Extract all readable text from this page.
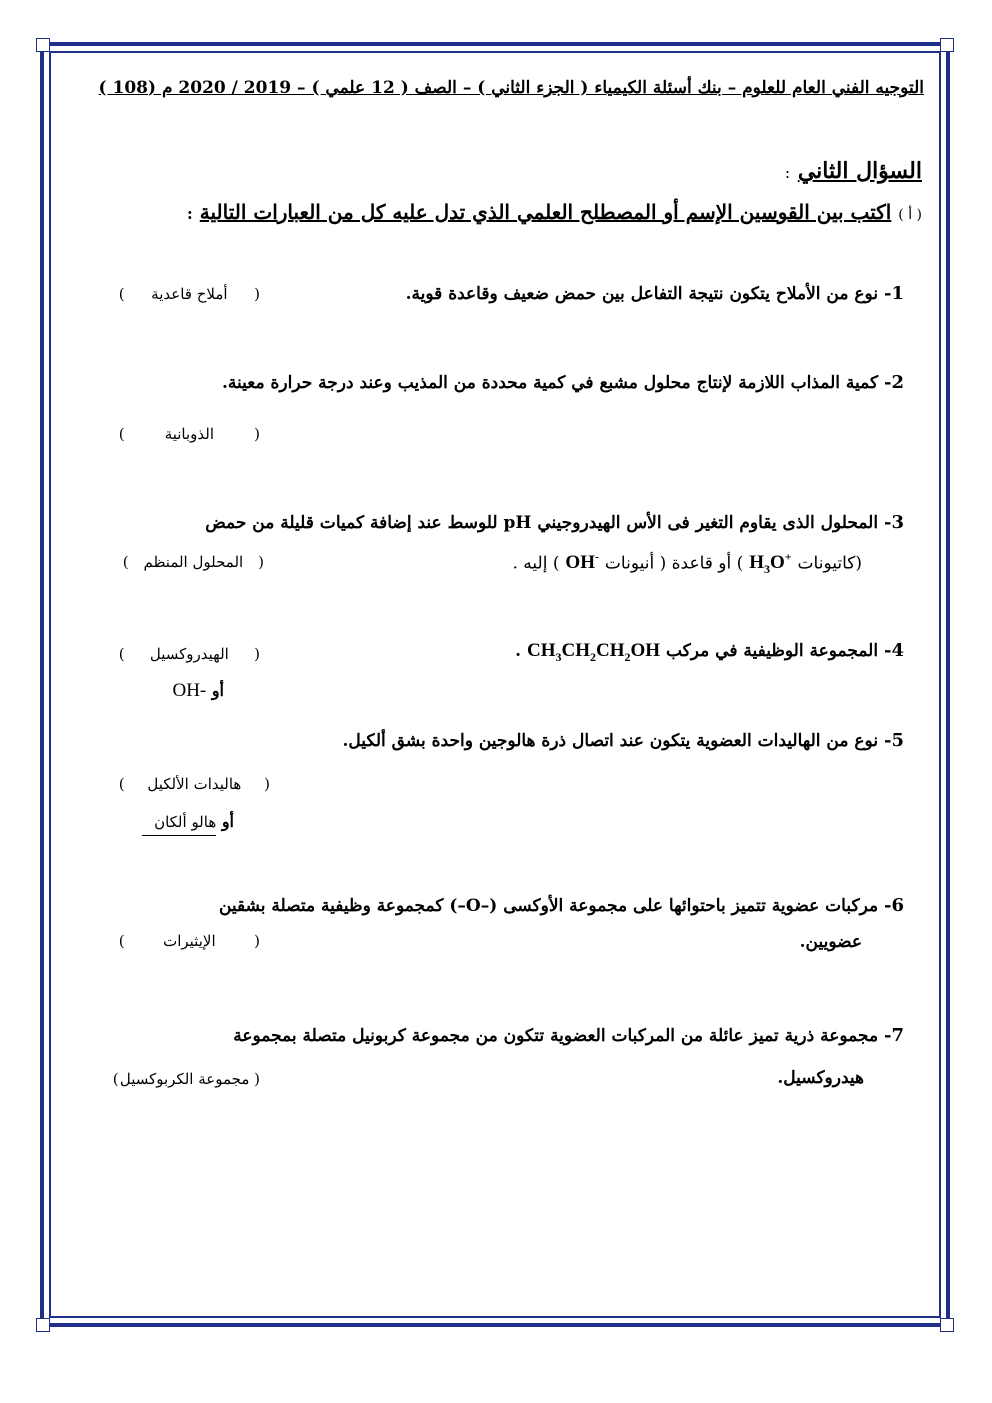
التوجيه الفني العام للعلوم – بنك أسئلة الكيمياء ( الجزء الثاني ) – الصف ( 12 علمي ) – 2019 / 2020 م (108 )
السؤال الثاني :
( أ ) اكتب بين القوسين الإسم أو المصطلح العلمي الذي تدل عليه كل من العبارات التالية :
1- نوع من الأملاح يتكون نتيجة التفاعل بين حمض ضعيف وقاعدة قوية.
( أملاح قاعدية )
2- كمية المذاب اللازمة لإنتاج محلول مشبع في كمية محددة من المذيب وعند درجة حرارة معينة.
( الذوبانية )
3- المحلول الذى يقاوم التغير فى الأس الهيدروجيني pH للوسط عند إضافة كميات قليلة من حمض
(كاتيونات $H_3O^+$ ) أو قاعدة ( أنيونات OH- ) إليه .
( المحلول المنظم )
4- المجموعة الوظيفية في مركب $CH_3CH_2CH_2OH$ .
( الهيدروكسيل )
أو OH-
5- نوع من الهاليدات العضوية يتكون عند اتصال ذرة هالوجين واحدة بشق ألكيل.
( هاليدات الألكيل )
أو هالو ألكان
6- مركبات عضوية تتميز باحتوائها على مجموعة الأوكسى (–O–) كمجموعة وظيفية متصلة بشقين
عضويين.
( الإيثيرات )
7- مجموعة ذرية تميز عائلة من المركبات العضوية تتكون من مجموعة كربونيل متصلة بمجموعة
هيدروكسيل.
( مجموعة الكربوكسيل )
